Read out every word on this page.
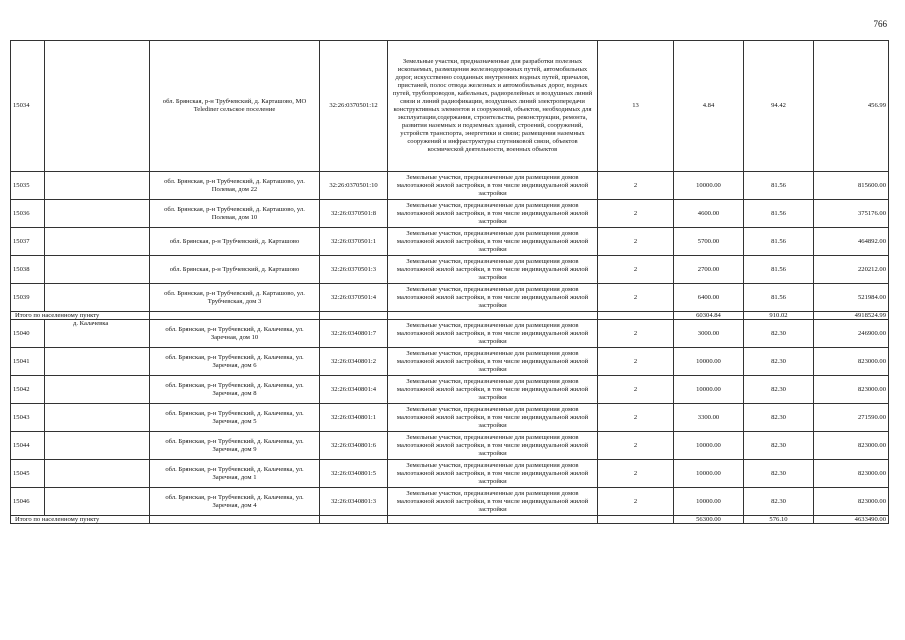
766
15034		обл. Брянская, р-н Трубчевский, д. Карташово, МО Telediner сельское поселение	32:26:0370501:12	Земельные участки, предназначенные для разработки полезных ископаемых, размещения железнодорожных путей, автомобильных дорог, искусственно созданных внутренних водных путей, причалов, пристаней, полос отвода железных и автомобильных дорог, водных путей, трубопроводов, кабельных, радиорелейных и воздушных линий связи и линий радиофикации, воздушных линий электропередачи конструктивных элементов и сооружений, объектов, необходимых для эксплуатации,содержания, строительства, реконструкции, ремонта, развития наземных и подземных зданий, строений, сооружений, устройств транспорта, энергетики и связи; размещения наземных сооружений и инфраструктуры спутниковой связи, объектов космической деятельности, военных объектов	13	4.84	94.42	456.99
15035		обл. Брянская, р-н Трубчевский, д. Карташово, ул. Полевая, дом 22	32:26:0370501:10	Земельные участки, предназначенные для размещения домов малоэтажной жилой застройки, в том числе индивидуальной жилой застройки	2	10000.00	81.56	815600.00
15036		обл. Брянская, р-н Трубчевский, д. Карташово, ул. Полевая, дом 10	32:26:0370501:8	Земельные участки, предназначенные для размещения домов малоэтажной жилой застройки, в том числе индивидуальной жилой застройки	2	4600.00	81.56	375176.00
15037		обл. Брянская, р-н Трубчевский, д. Карташово	32:26:0370501:1	Земельные участки, предназначенные для размещения домов малоэтажной жилой застройки, в том числе индивидуальной жилой застройки	2	5700.00	81.56	464892.00
15038		обл. Брянская, р-н Трубчевский, д. Карташово	32:26:0370501:3	Земельные участки, предназначенные для размещения домов малоэтажной жилой застройки, в том числе индивидуальной жилой застройки	2	2700.00	81.56	220212.00
15039		обл. Брянская, р-н Трубчевский, д. Карташово, ул. Трубчевская, дом 3	32:26:0370501:4	Земельные участки, предназначенные для размещения домов малоэтажной жилой застройки, в том числе индивидуальной жилой застройки	2	6400.00	81.56	521984.00
Итого по населенному пункту						60304.84	910.02	4918524.99
15040	д. Калачевка	обл. Брянская, р-н Трубчевский, д. Калачевка, ул. Заречная, дом 10	32:26:0340801:7	Земельные участки, предназначенные для размещения домов малоэтажной жилой застройки, в том числе индивидуальной жилой застройки	2	3000.00	82.30	246900.00
15041		обл. Брянская, р-н Трубчевский, д. Калачевка, ул. Заречная, дом 6	32:26:0340801:2	Земельные участки, предназначенные для размещения домов малоэтажной жилой застройки, в том числе индивидуальной жилой застройки	2	10000.00	82.30	823000.00
15042		обл. Брянская, р-н Трубчевский, д. Калачевка, ул. Заречная, дом 8	32:26:0340801:4	Земельные участки, предназначенные для размещения домов малоэтажной жилой застройки, в том числе индивидуальной жилой застройки	2	10000.00	82.30	823000.00
15043		обл. Брянская, р-н Трубчевский, д. Калачевка, ул. Заречная, дом 5	32:26:0340801:1	Земельные участки, предназначенные для размещения домов малоэтажной жилой застройки, в том числе индивидуальной жилой застройки	2	3300.00	82.30	271590.00
15044		обл. Брянская, р-н Трубчевский, д. Калачевка, ул. Заречная, дом 9	32:26:0340801:6	Земельные участки, предназначенные для размещения домов малоэтажной жилой застройки, в том числе индивидуальной жилой застройки	2	10000.00	82.30	823000.00
15045		обл. Брянская, р-н Трубчевский, д. Калачевка, ул. Заречная, дом 1	32:26:0340801:5	Земельные участки, предназначенные для размещения домов малоэтажной жилой застройки, в том числе индивидуальной жилой застройки	2	10000.00	82.30	823000.00
15046		обл. Брянская, р-н Трубчевский, д. Калачевка, ул. Заречная, дом 4	32:26:0340801:3	Земельные участки, предназначенные для размещения домов малоэтажной жилой застройки, в том числе индивидуальной жилой застройки	2	10000.00	82.30	823000.00
Итого по населенному пункту						56300.00	576.10	4633490.00
